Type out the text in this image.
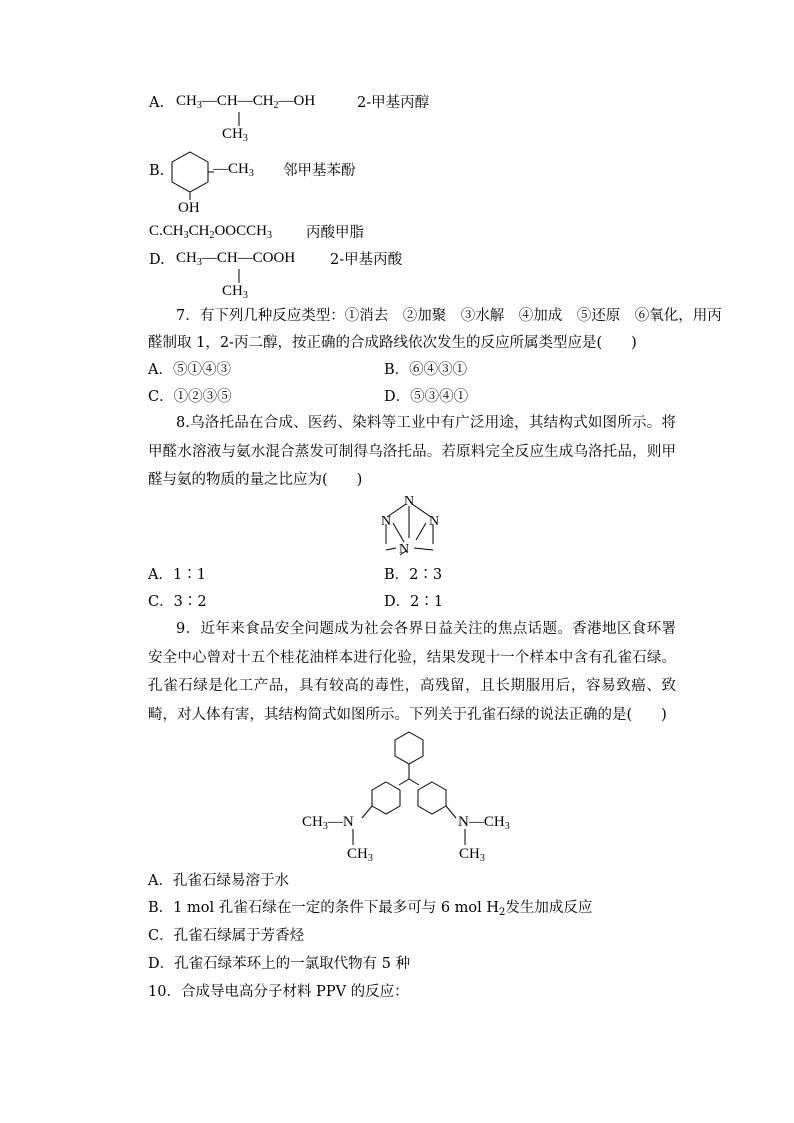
A. $CH_3—CH—CH_2—OH$
$CH_3$
2-甲基丙醇
B.	$—CH_3$
OH
邻甲基苯酚
$C.CH_3CH_2OOCCH_3$ 丙酸甲脂
D. $CH_3—CH—COOH$
$CH_3$
2-甲基丙酸
7．有下列几种反应类型：①消去　②加聚　③水解　④加成　⑤还原　⑥氧化，用丙
醛制取 1，2-丙二醇，按正确的合成路线依次发生的反应所属类型应是(　　)
A．⑤①④③	B．⑥④③①
C．①②③⑤	D．⑤③④①

8.乌洛托品在合成、医药、染料等工业中有广泛用途，其结构式如图所示。将甲醛水溶液与氨水混合蒸发可制得乌洛托品。若原料完全反应生成乌洛托品，则甲醛与氨的物质的量之比应为(　　)

N
N	N
N
A．1∶1	B．2∶3
C．3∶2	D．2∶1

9．近年来食品安全问题成为社会各界日益关注的焦点话题。香港地区食环署安全中心曾对十五个桂花油样本进行化验，结果发现十一个样本中含有孔雀石绿。孔雀石绿是化工产品，具有较高的毒性，高残留，且长期服用后，容易致癌、致畸，对人体有害，其结构简式如图所示。下列关于孔雀石绿的说法正确的是(　　)

$CH_3—N$
$CH_3$
$N—CH_3$
$CH_3$
A．孔雀石绿易溶于水
B．1 mol 孔雀石绿在一定的条件下最多可与 6 mol $H_2$发生加成反应
C．孔雀石绿属于芳香烃
D．孔雀石绿苯环上的一氯取代物有 5 种
10．合成导电高分子材料 PPV 的反应：
